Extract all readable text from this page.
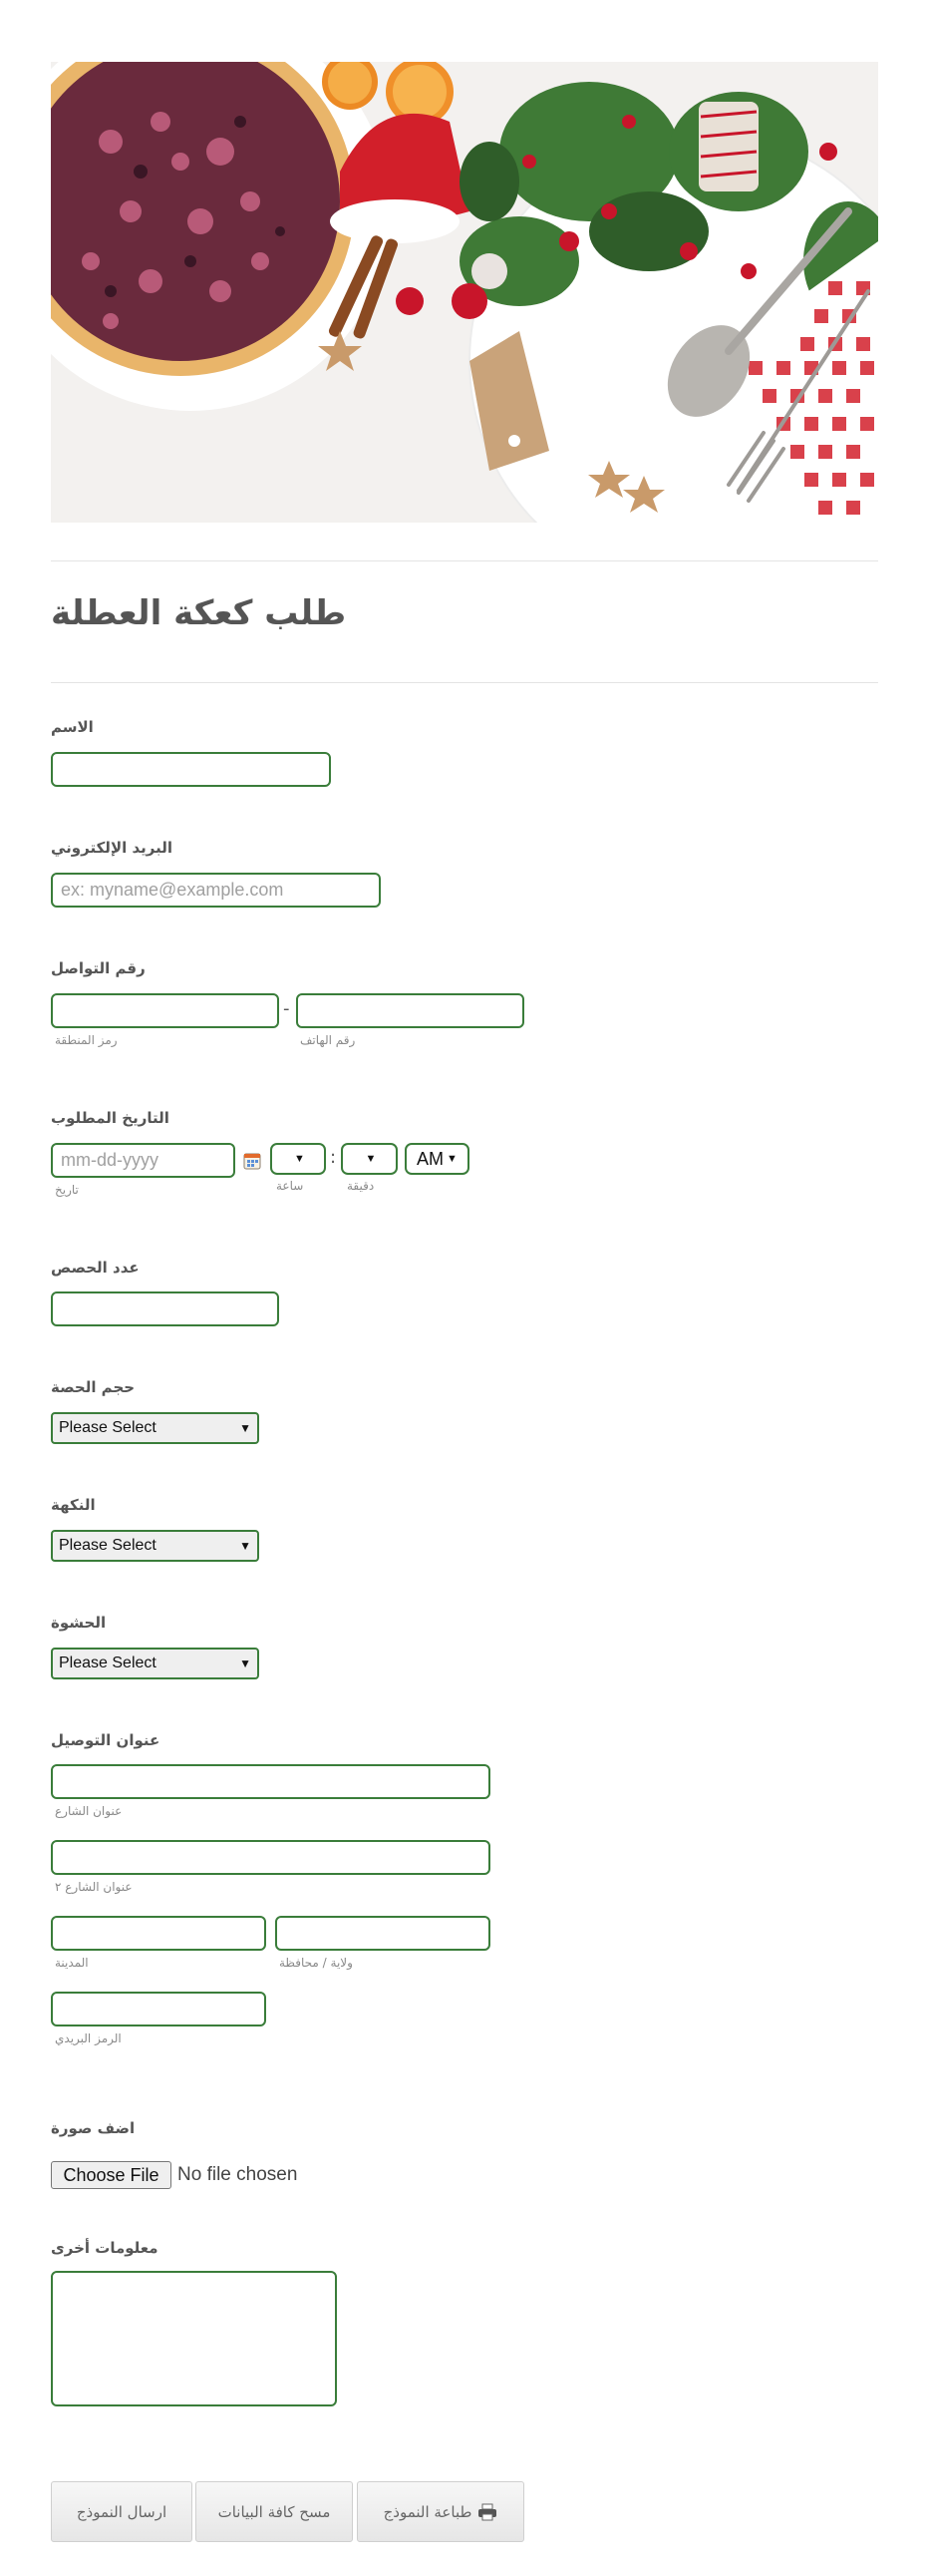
طلب كعكة العطلة
الاسم
البريد الإلكتروني
ex: myname@example.com
رقم التواصل
-
رمز المنطقة	رقم الهاتف
التاريخ المطلوب
mm-dd-yyyy
▼ :	▼ AM ▼
تاريخ	ساعة	دقيقة
عدد الحصص
حجم الحصة
Please Select	▼
النكهة
Please Select	▼
الحشوة
Please Select	▼
عنوان التوصيل
عنوان الشارع
عنوان الشارع ٢
المدينة	ولاية / محافظة
الرمز البريدي
اضف صورة
Choose File No file chosen
معلومات أخرى
ارسال النموذج	مسح كافة البيانات	طباعة النموذج
